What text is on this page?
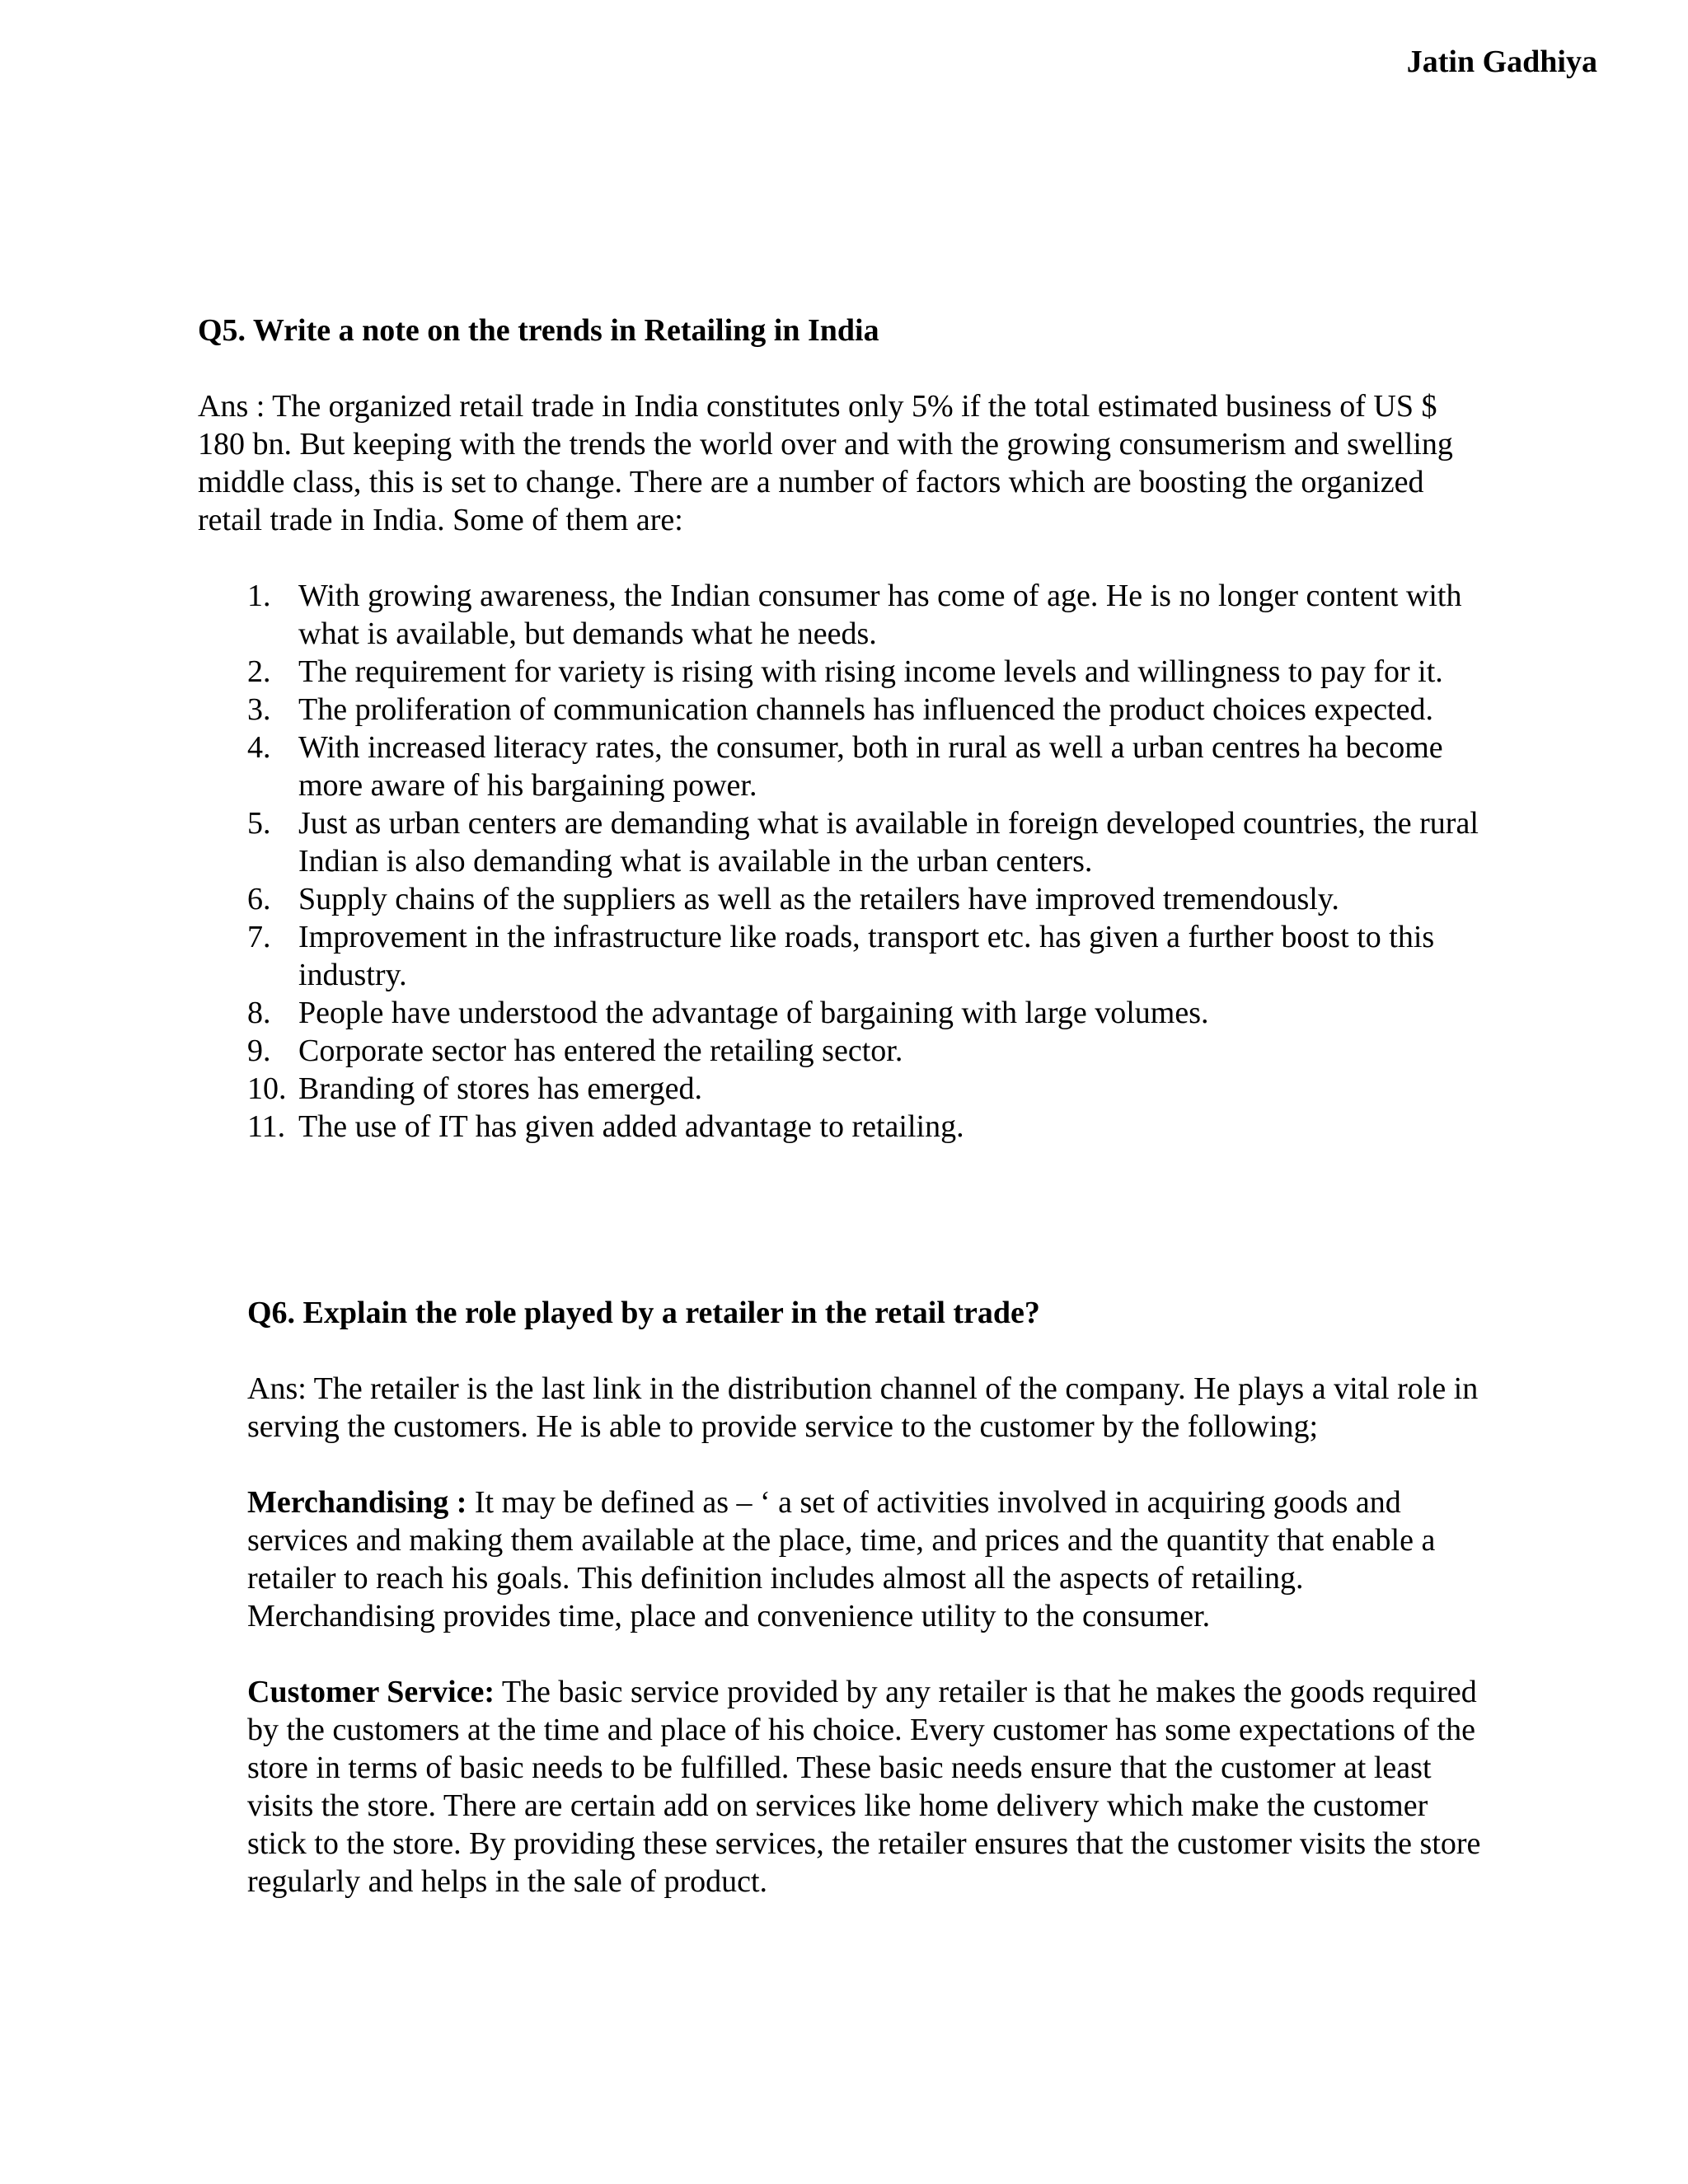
Jatin Gadhiya
Q5. Write a note on the trends in Retailing in India
Ans : The organized retail trade in India constitutes only 5% if the total estimated business of US $ 180 bn. But keeping with the trends the world over and with the growing consumerism and swelling middle class, this is set to change. There are a number of factors which are boosting the organized retail trade in India. Some of them are:
1. With growing awareness, the Indian consumer has come of age. He is no longer content with what is available, but demands what he needs.
2. The requirement for variety is rising with rising income levels and willingness to pay for it.
3. The proliferation of communication channels has influenced the product choices expected.
4. With increased literacy rates, the consumer, both in rural as well a urban centres ha become more aware of his bargaining power.
5. Just as urban centers are demanding what is available in foreign developed countries, the rural Indian is also demanding what is available in the urban centers.
6. Supply chains of the suppliers as well as the retailers have improved tremendously.
7. Improvement in the infrastructure like roads, transport etc. has given a further boost to this industry.
8. People have understood the advantage of bargaining with large volumes.
9. Corporate sector has entered the retailing sector.
10. Branding of stores has emerged.
11. The use of IT has given added advantage to retailing.
Q6. Explain the role played by a retailer in the retail trade?
Ans: The retailer is the last link in the distribution channel of the company. He plays a vital role in serving the customers. He is able to provide service to the customer by the following;
Merchandising : It may be defined as – ‘ a set of activities involved in acquiring goods and services and making them available at the place, time, and prices and the quantity that enable a retailer to reach his goals. This definition includes almost all the aspects of retailing. Merchandising provides time, place and convenience utility to the consumer.
Customer Service: The basic service provided by any retailer is that he makes the goods required by the customers at the time and place of his choice. Every customer has some expectations of the store in terms of basic needs to be fulfilled. These basic needs ensure that the customer at least visits the store. There are certain add on services like home delivery which make the customer stick to the store. By providing these services, the retailer ensures that the customer visits the store regularly and helps in the sale of product.
